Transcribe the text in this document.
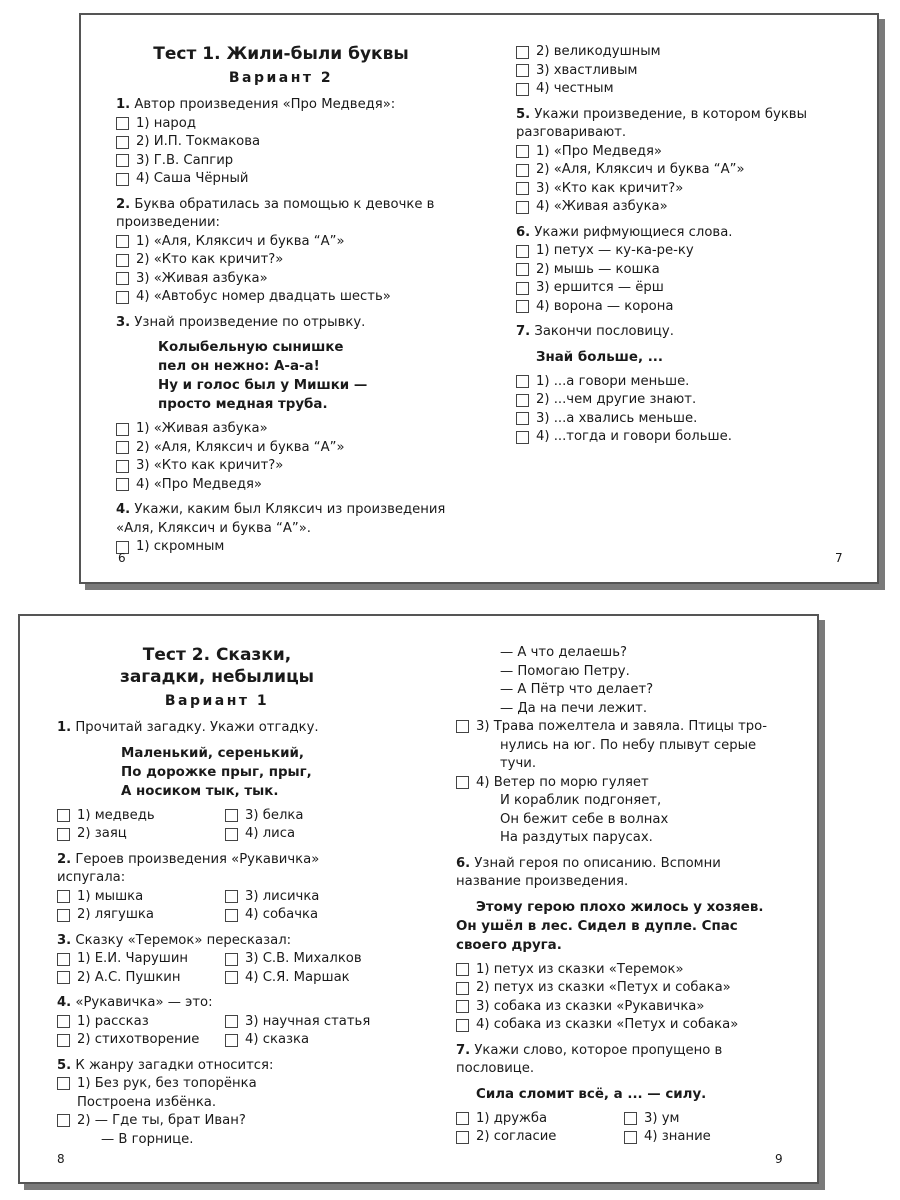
Тест 1. Жили-были буквы
Вариант 2
1. Автор произведения «Про Медведя»:
1) народ
2) И.П. Токмакова
3) Г.В. Сапгир
4) Саша Чёрный
2. Буква обратилась за помощью к девочке в произведении:
1) «Аля, Кляксич и буква “А”»
2) «Кто как кричит?»
3) «Живая азбука»
4) «Автобус номер двадцать шесть»
3. Узнай произведение по отрывку.
Колыбельную сынишке
пел он нежно: А-а-а!
Ну и голос был у Мишки —
просто медная труба.
1) «Живая азбука»
2) «Аля, Кляксич и буква “А”»
3) «Кто как кричит?»
4) «Про Медведя»
4. Укажи, каким был Кляксич из произведения «Аля, Кляксич и буква “А”».
1) скромным
6
2) великодушным
3) хвастливым
4) честным
5. Укажи произведение, в котором буквы разговаривают.
1) «Про Медведя»
2) «Аля, Кляксич и буква “А”»
3) «Кто как кричит?»
4) «Живая азбука»
6. Укажи рифмующиеся слова.
1) петух — ку-ка-ре-ку
2) мышь — кошка
3) ершится — ёрш
4) ворона — корона
7. Закончи пословицу.
Знай больше, ...
1) ...а говори меньше.
2) ...чем другие знают.
3) ...а хвались меньше.
4) ...тогда и говори больше.
7
Тест 2. Сказки,
загадки, небылицы
Вариант 1
1. Прочитай загадку. Укажи отгадку.
Маленький, серенький,
По дорожке прыг, прыг,
А носиком тык, тык.
1) медведь	3) белка
2) заяц	4) лиса
2. Героев произведения «Рукавичка» испугала:
1) мышка	3) лисичка
2) лягушка	4) собачка
3. Сказку «Теремок» пересказал:
1) Е.И. Чарушин	3) С.В. Михалков
2) А.С. Пушкин	4) С.Я. Маршак
4. «Рукавичка» — это:
1) рассказ	3) научная статья
2) стихотворение	4) сказка
5. К жанру загадки относится:
1) Без рук, без топорёнка
Построена избёнка.
2) — Где ты, брат Иван?
— В горнице.
8
— А что делаешь?
— Помогаю Петру.
— А Пётр что делает?
— Да на печи лежит.
3) Трава пожелтела и завяла. Птицы тро-
нулись на юг. По небу плывут серые
тучи.
4) Ветер по морю гуляет
И кораблик подгоняет,
Он бежит себе в волнах
На раздутых парусах.
6. Узнай героя по описанию. Вспомни название произведения.
Этому герою плохо жилось у хозяев. Он ушёл в лес. Сидел в дупле. Спас своего друга.
1) петух из сказки «Теремок»
2) петух из сказки «Петух и собака»
3) собака из сказки «Рукавичка»
4) собака из сказки «Петух и собака»
7. Укажи слово, которое пропущено в пословице.
Сила сломит всё, а ... — силу.
1) дружба	3) ум
2) согласие	4) знание
9
